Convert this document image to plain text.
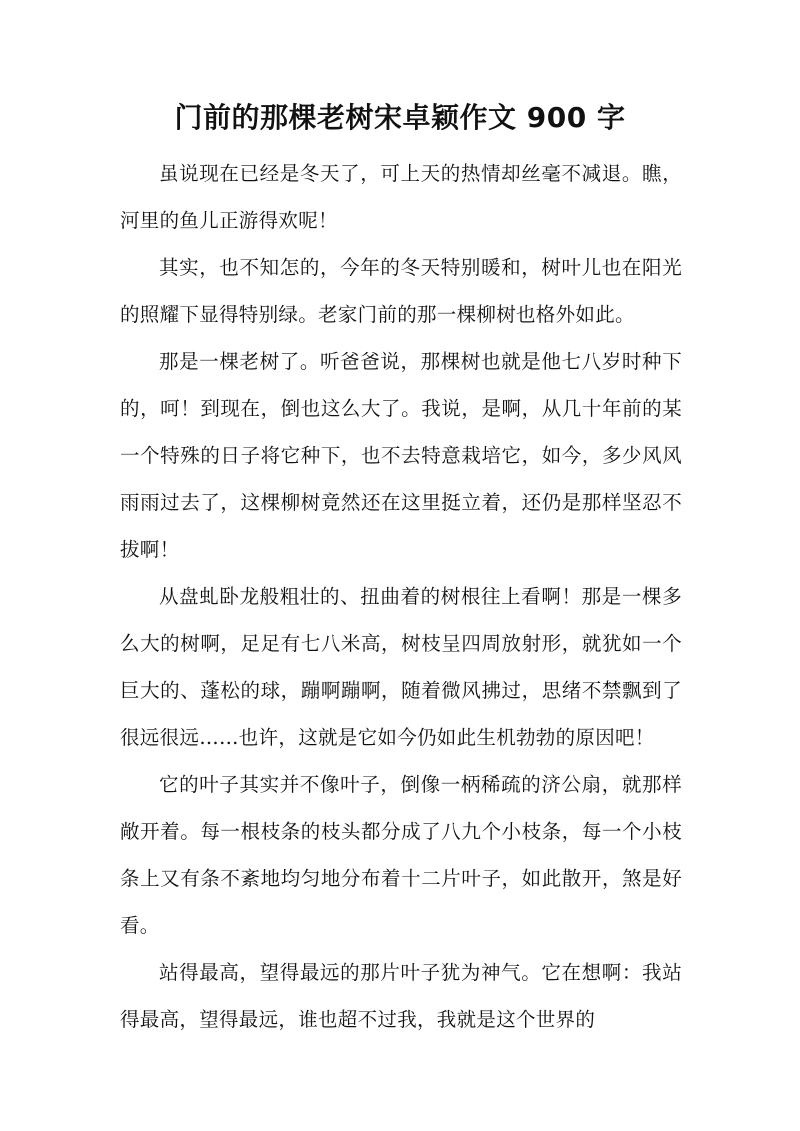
门前的那棵老树宋卓颖作文 900 字

虽说现在已经是冬天了，可上天的热情却丝毫不减退。瞧，河里的鱼儿正游得欢呢！

其实，也不知怎的，今年的冬天特别暖和，树叶儿也在阳光的照耀下显得特别绿。老家门前的那一棵柳树也格外如此。

那是一棵老树了。听爸爸说，那棵树也就是他七八岁时种下的，呵！到现在，倒也这么大了。我说，是啊，从几十年前的某一个特殊的日子将它种下，也不去特意栽培它，如今，多少风风雨雨过去了，这棵柳树竟然还在这里挺立着，还仍是那样坚忍不拔啊！

从盘虬卧龙般粗壮的、扭曲着的树根往上看啊！那是一棵多么大的树啊，足足有七八米高，树枝呈四周放射形，就犹如一个巨大的、蓬松的球，蹦啊蹦啊，随着微风拂过，思绪不禁飘到了很远很远……也许，这就是它如今仍如此生机勃勃的原因吧！

它的叶子其实并不像叶子，倒像一柄稀疏的济公扇，就那样敞开着。每一根枝条的枝头都分成了八九个小枝条，每一个小枝条上又有条不紊地均匀地分布着十二片叶子，如此散开，煞是好看。

站得最高，望得最远的那片叶子犹为神气。它在想啊：我站得最高，望得最远，谁也超不过我，我就是这个世界的
